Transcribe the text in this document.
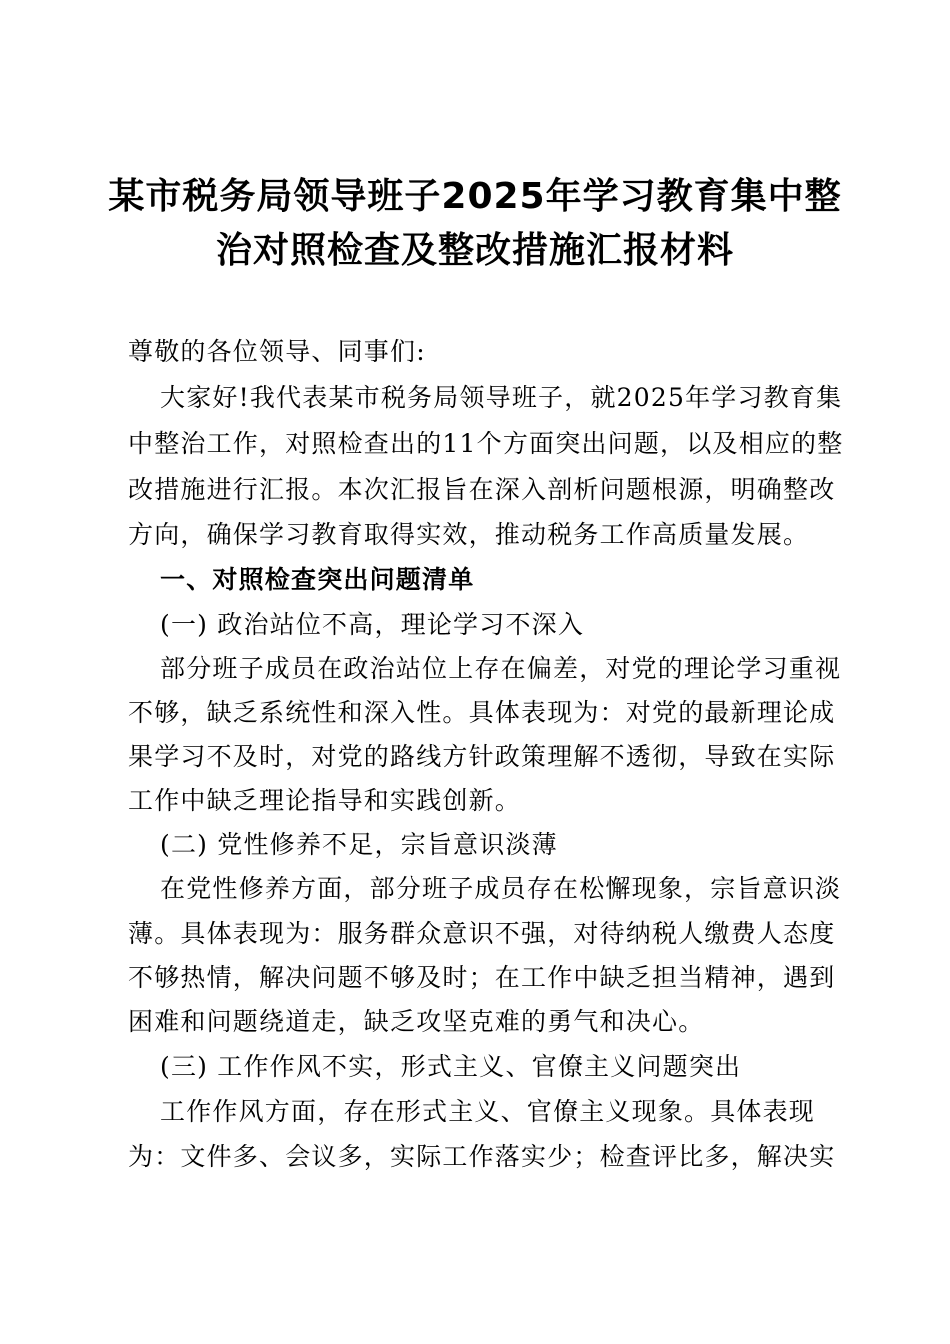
某市税务局领导班子2025年学习教育集中整
治对照检查及整改措施汇报材料
尊敬的各位领导、同事们:
大家好!我代表某市税务局领导班子，就2025年学习教育集
中整治工作，对照检查出的11个方面突出问题，以及相应的整
改措施进行汇报。本次汇报旨在深入剖析问题根源，明确整改
方向，确保学习教育取得实效，推动税务工作高质量发展。
一、对照检查突出问题清单
(一) 政治站位不高，理论学习不深入
部分班子成员在政治站位上存在偏差，对党的理论学习重视
不够，缺乏系统性和深入性。具体表现为：对党的最新理论成
果学习不及时，对党的路线方针政策理解不透彻，导致在实际
工作中缺乏理论指导和实践创新。
(二) 党性修养不足，宗旨意识淡薄
在党性修养方面，部分班子成员存在松懈现象，宗旨意识淡
薄。具体表现为：服务群众意识不强，对待纳税人缴费人态度
不够热情，解决问题不够及时；在工作中缺乏担当精神，遇到
困难和问题绕道走，缺乏攻坚克难的勇气和决心。
(三) 工作作风不实，形式主义、官僚主义问题突出
工作作风方面，存在形式主义、官僚主义现象。具体表现
为：文件多、会议多，实际工作落实少；检查评比多，解决实
